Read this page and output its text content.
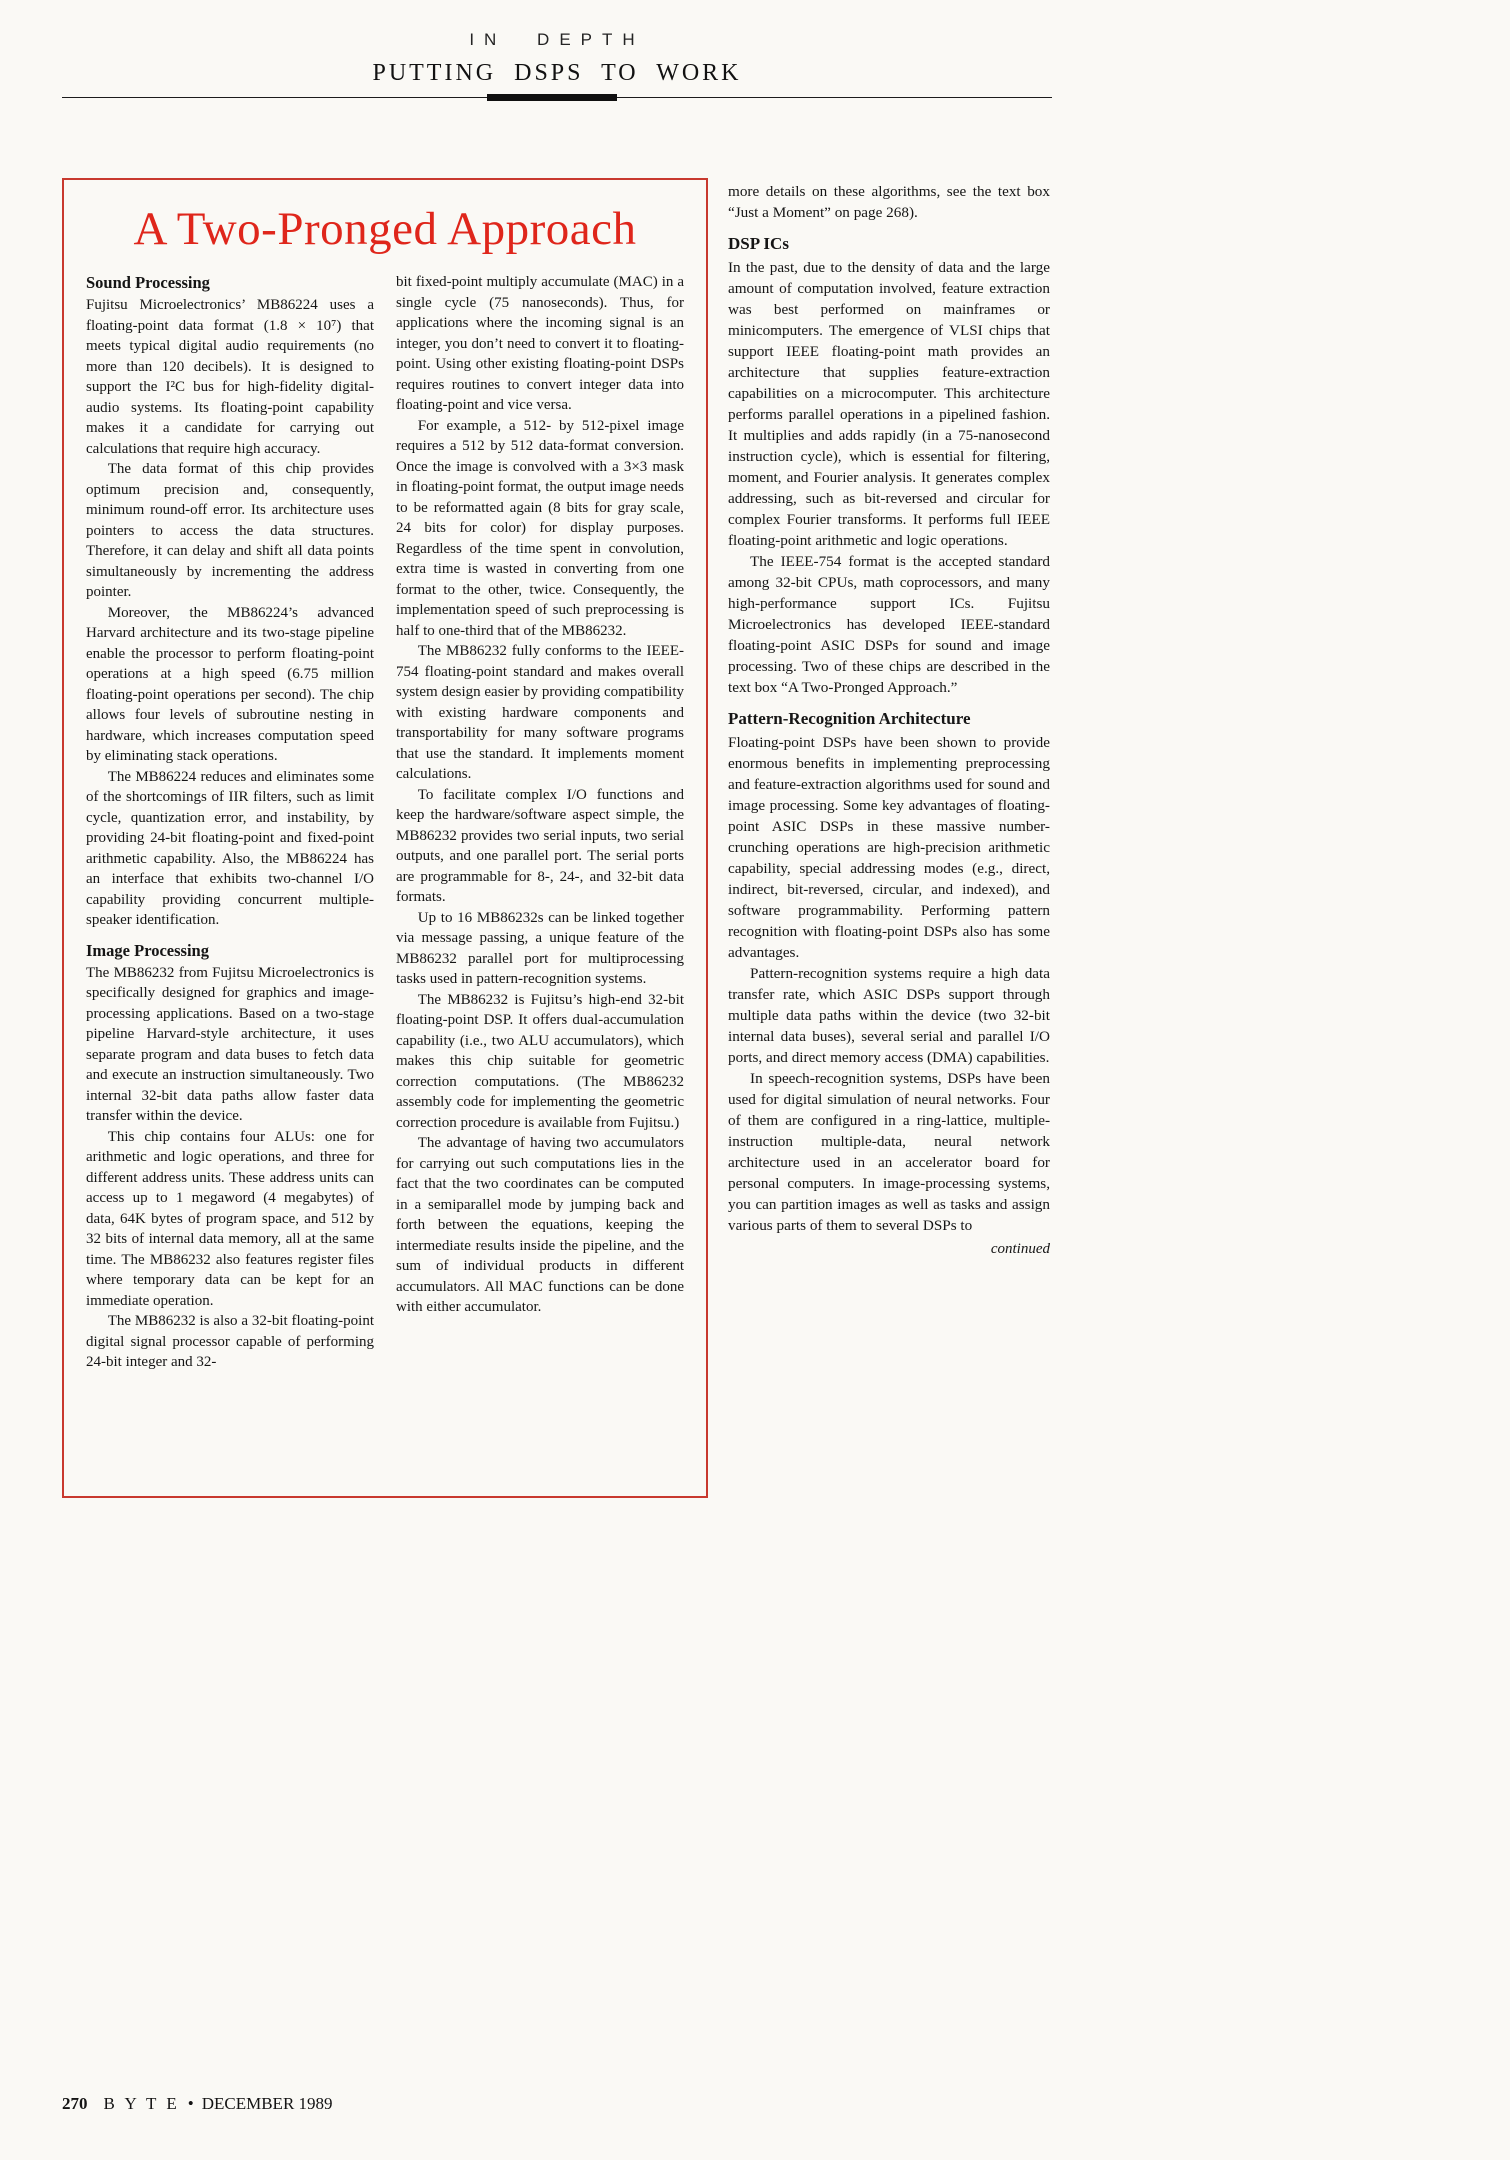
IN DEPTH
PUTTING DSPS TO WORK
A Two-Pronged Approach
Sound Processing

Fujitsu Microelectronics’ MB86224 uses a floating-point data format (1.8 × 10⁷) that meets typical digital audio requirements (no more than 120 decibels). It is designed to support the I²C bus for high-fidelity digital-audio systems. Its floating-point capability makes it a candidate for carrying out calculations that require high accuracy.

The data format of this chip provides optimum precision and, consequently, minimum round-off error. Its architecture uses pointers to access the data structures. Therefore, it can delay and shift all data points simultaneously by incrementing the address pointer.

Moreover, the MB86224’s advanced Harvard architecture and its two-stage pipeline enable the processor to perform floating-point operations at a high speed (6.75 million floating-point operations per second). The chip allows four levels of subroutine nesting in hardware, which increases computation speed by eliminating stack operations.

The MB86224 reduces and eliminates some of the shortcomings of IIR filters, such as limit cycle, quantization error, and instability, by providing 24-bit floating-point and fixed-point arithmetic capability. Also, the MB86224 has an interface that exhibits two-channel I/O capability providing concurrent multiple-speaker identification.

Image Processing

The MB86232 from Fujitsu Microelectronics is specifically designed for graphics and image-processing applications. Based on a two-stage pipeline Harvard-style architecture, it uses separate program and data buses to fetch data and execute an instruction simultaneously. Two internal 32-bit data paths allow faster data transfer within the device.

This chip contains four ALUs: one for arithmetic and logic operations, and three for different address units. These address units can access up to 1 megaword (4 megabytes) of data, 64K bytes of program space, and 512 by 32 bits of internal data memory, all at the same time. The MB86232 also features register files where temporary data can be kept for an immediate operation.

The MB86232 is also a 32-bit floating-point digital signal processor capable of performing 24-bit integer and 32-

bit fixed-point multiply accumulate (MAC) in a single cycle (75 nanoseconds). Thus, for applications where the incoming signal is an integer, you don’t need to convert it to floating-point. Using other existing floating-point DSPs requires routines to convert integer data into floating-point and vice versa.

For example, a 512- by 512-pixel image requires a 512 by 512 data-format conversion. Once the image is convolved with a 3×3 mask in floating-point format, the output image needs to be reformatted again (8 bits for gray scale, 24 bits for color) for display purposes. Regardless of the time spent in convolution, extra time is wasted in converting from one format to the other, twice. Consequently, the implementation speed of such preprocessing is half to one-third that of the MB86232.

The MB86232 fully conforms to the IEEE-754 floating-point standard and makes overall system design easier by providing compatibility with existing hardware components and transportability for many software programs that use the standard. It implements moment calculations.

To facilitate complex I/O functions and keep the hardware/software aspect simple, the MB86232 provides two serial inputs, two serial outputs, and one parallel port. The serial ports are programmable for 8-, 24-, and 32-bit data formats.

Up to 16 MB86232s can be linked together via message passing, a unique feature of the MB86232 parallel port for multiprocessing tasks used in pattern-recognition systems.

The MB86232 is Fujitsu’s high-end 32-bit floating-point DSP. It offers dual-accumulation capability (i.e., two ALU accumulators), which makes this chip suitable for geometric correction computations. (The MB86232 assembly code for implementing the geometric correction procedure is available from Fujitsu.)

The advantage of having two accumulators for carrying out such computations lies in the fact that the two coordinates can be computed in a semiparallel mode by jumping back and forth between the equations, keeping the intermediate results inside the pipeline, and the sum of individual products in different accumulators. All MAC functions can be done with either accumulator.

more details on these algorithms, see the text box “Just a Moment” on page 268).

DSP ICs

In the past, due to the density of data and the large amount of computation involved, feature extraction was best performed on mainframes or minicomputers. The emergence of VLSI chips that support IEEE floating-point math provides an architecture that supplies feature-extraction capabilities on a microcomputer. This architecture performs parallel operations in a pipelined fashion. It multiplies and adds rapidly (in a 75-nanosecond instruction cycle), which is essential for filtering, moment, and Fourier analysis. It generates complex addressing, such as bit-reversed and circular for complex Fourier transforms. It performs full IEEE floating-point arithmetic and logic operations.

The IEEE-754 format is the accepted standard among 32-bit CPUs, math coprocessors, and many high-performance support ICs. Fujitsu Microelectronics has developed IEEE-standard floating-point ASIC DSPs for sound and image processing. Two of these chips are described in the text box “A Two-Pronged Approach.”

Pattern-Recognition Architecture

Floating-point DSPs have been shown to provide enormous benefits in implementing preprocessing and feature-extraction algorithms used for sound and image processing. Some key advantages of floating-point ASIC DSPs in these massive number-crunching operations are high-precision arithmetic capability, special addressing modes (e.g., direct, indirect, bit-reversed, circular, and indexed), and software programmability. Performing pattern recognition with floating-point DSPs also has some advantages.

Pattern-recognition systems require a high data transfer rate, which ASIC DSPs support through multiple data paths within the device (two 32-bit internal data buses), several serial and parallel I/O ports, and direct memory access (DMA) capabilities.

In speech-recognition systems, DSPs have been used for digital simulation of neural networks. Four of them are configured in a ring-lattice, multiple-instruction multiple-data, neural network architecture used in an accelerator board for personal computers. In image-processing systems, you can partition images as well as tasks and assign various parts of them to several DSPs to

continued
270 B Y T E • DECEMBER 1989
